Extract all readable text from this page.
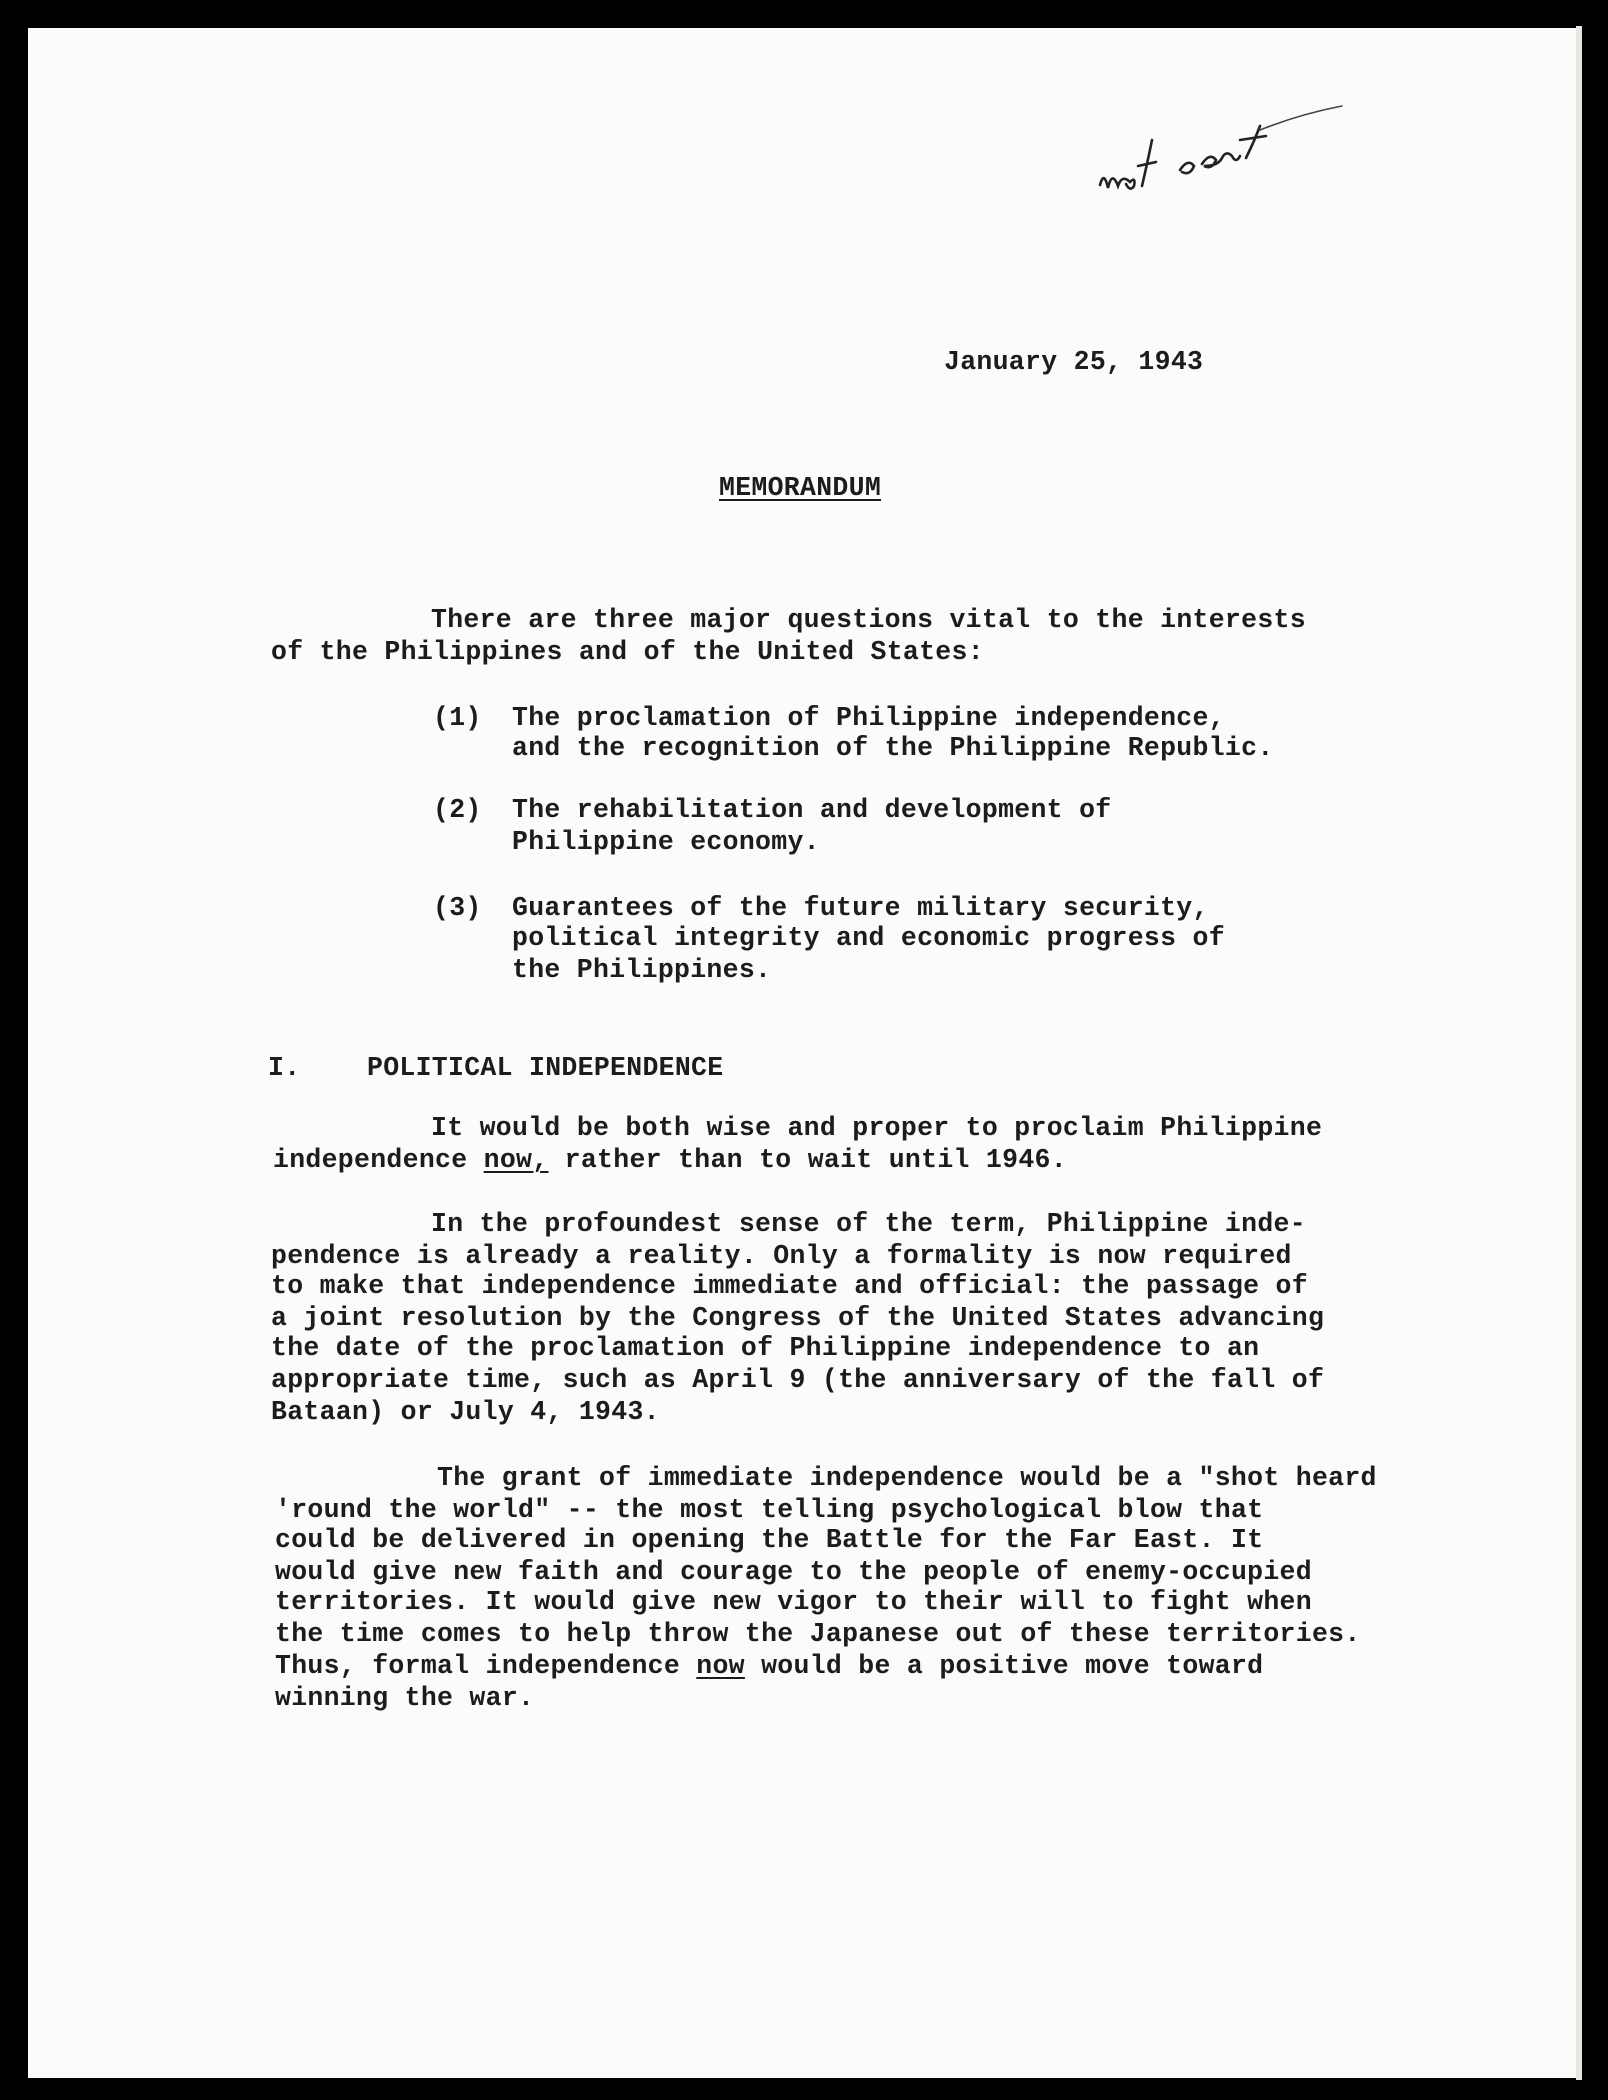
January 25, 1943
MEMORANDUM
There are three major questions vital to the interests
of the Philippines and of the United States:
(1) The proclamation of Philippine independence,
and the recognition of the Philippine Republic.
(2) The rehabilitation and development of
Philippine economy.
(3) Guarantees of the future military security,
political integrity and economic progress of
the Philippines.
I.	POLITICAL INDEPENDENCE
It would be both wise and proper to proclaim Philippine
independence now, rather than to wait until 1946.
In the profoundest sense of the term, Philippine inde-
pendence is already a reality. Only a formality is now required
to make that independence immediate and official: the passage of
a joint resolution by the Congress of the United States advancing
the date of the proclamation of Philippine independence to an
appropriate time, such as April 9 (the anniversary of the fall of
Bataan) or July 4, 1943.
The grant of immediate independence would be a "shot heard
'round the world" -- the most telling psychological blow that
could be delivered in opening the Battle for the Far East. It
would give new faith and courage to the people of enemy-occupied
territories. It would give new vigor to their will to fight when
the time comes to help throw the Japanese out of these territories.
Thus, formal independence now would be a positive move toward
winning the war.
